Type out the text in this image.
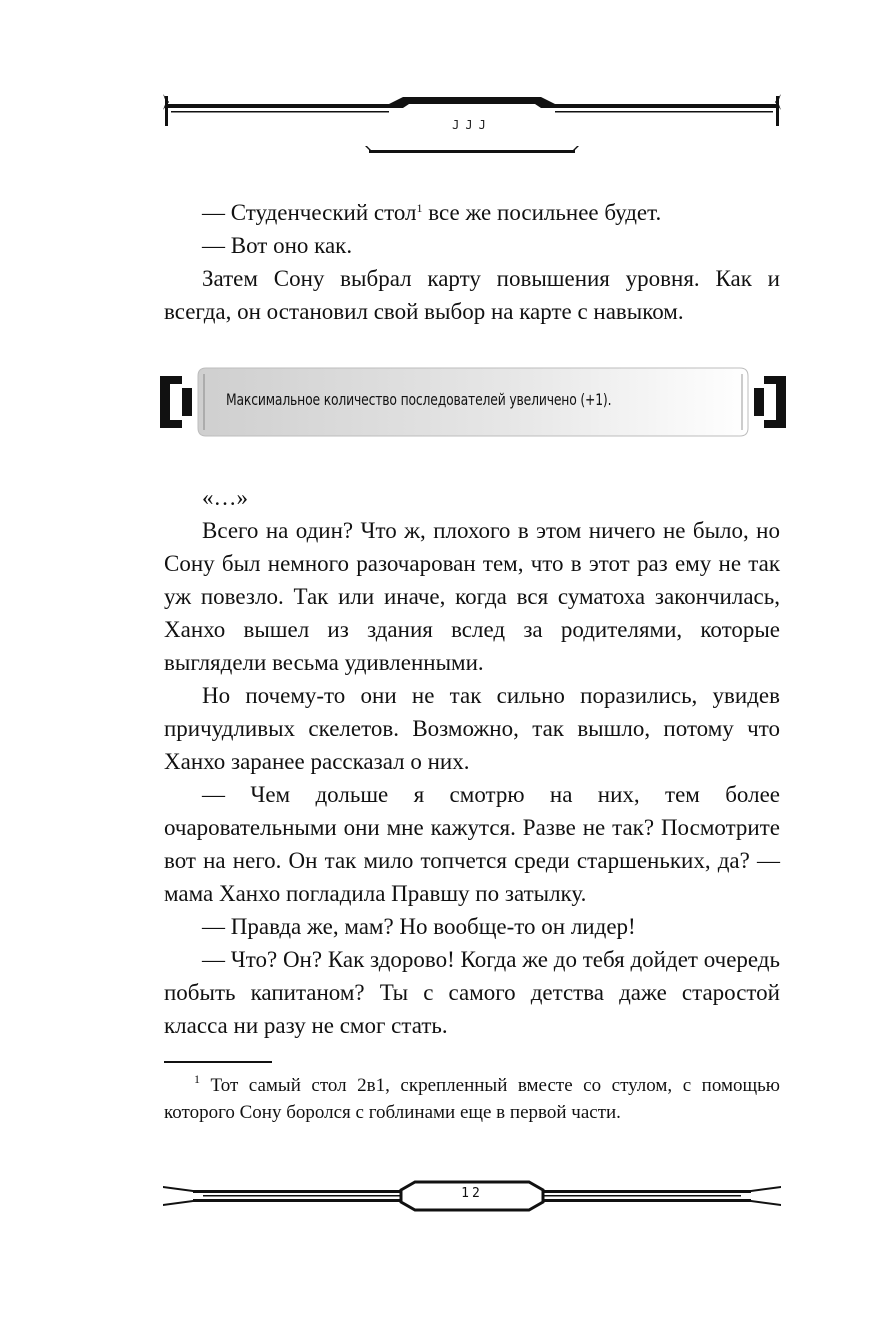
JJJ

— Студенческий стол$^1$ все же посильнее будет.

— Вот оно как.

Затем Сону выбрал карту повышения уровня. Как и всегда, он остановил свой выбор на карте с навыком.

Максимальное количество последователей увеличено (+1).

«…»

Всего на один? Что ж, плохого в этом ничего не было, но Сону был немного разочарован тем, что в этот раз ему не так уж повезло. Так или иначе, когда вся суматоха закончилась, Ханхо вышел из здания вслед за родителями, которые выглядели весьма удивленными.

Но почему-то они не так сильно поразились, увидев причудливых скелетов. Возможно, так вышло, потому что Ханхо заранее рассказал о них.

— Чем дольше я смотрю на них, тем более очаровательными они мне кажутся. Разве не так? Посмотрите вот на него. Он так мило топчется среди старшеньких, да? — мама Ханхо погладила Правшу по затылку.

— Правда же, мам? Но вообще-то он лидер!

— Что? Он? Как здорово! Когда же до тебя дойдет очередь побыть капитаном? Ты с самого детства даже старостой класса ни разу не смог стать.

$^1$ Тот самый стол 2в1, скрепленный вместе со стулом, с помощью которого Сону боролся с гоблинами еще в первой части.

12
